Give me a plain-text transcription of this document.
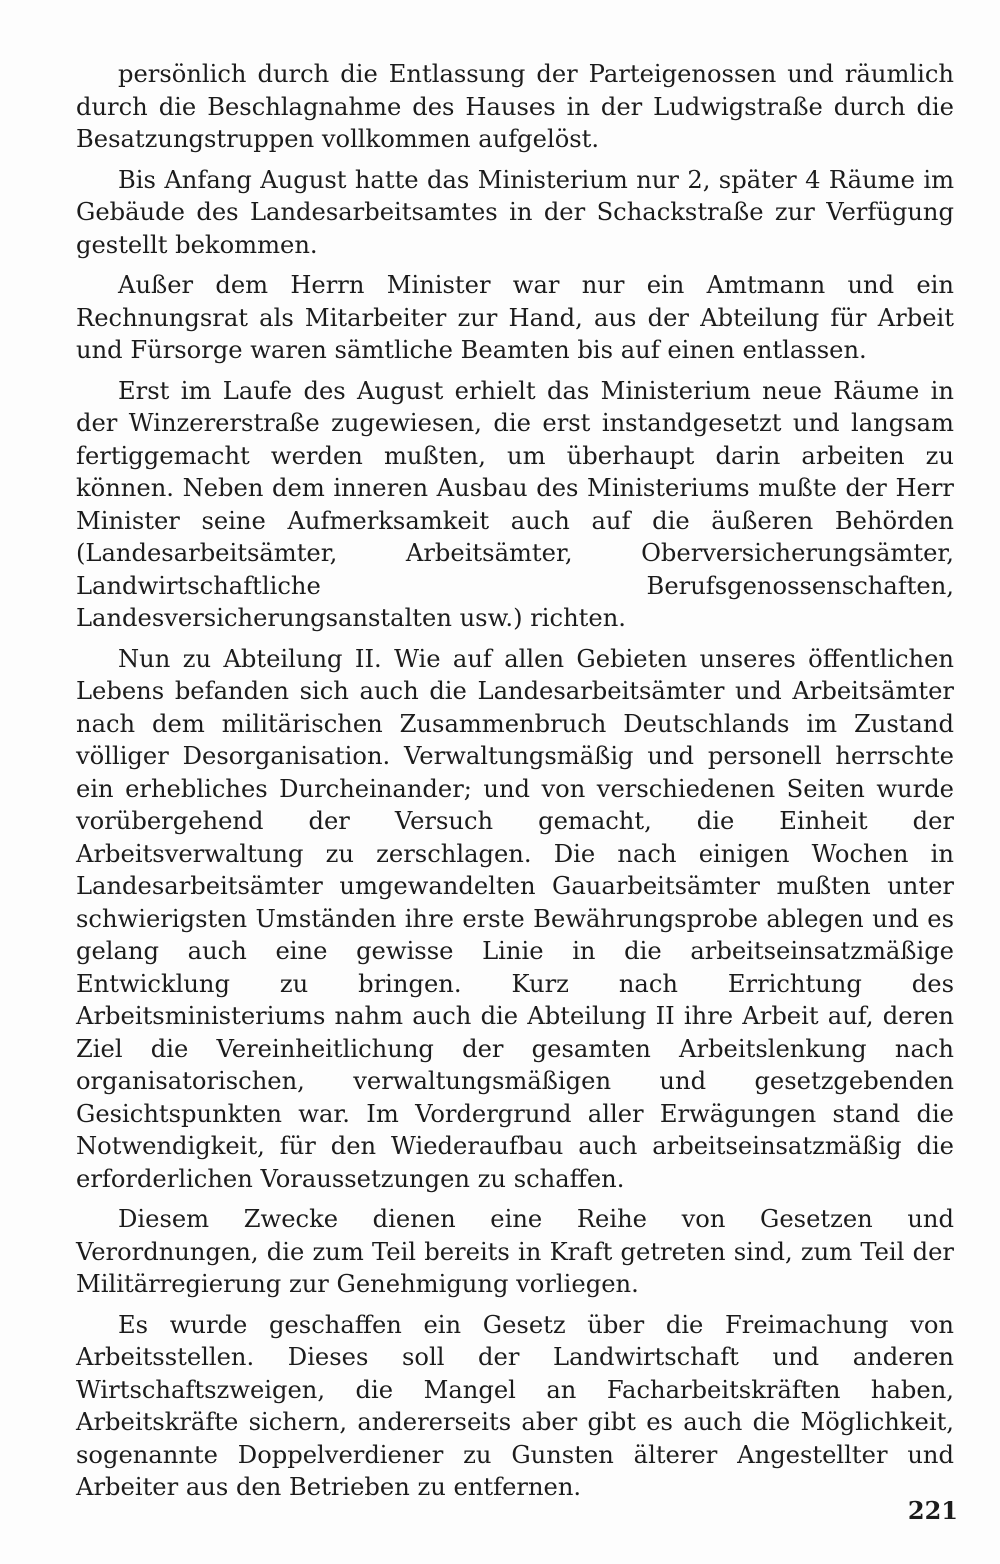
persönlich durch die Entlassung der Parteigenossen und räumlich durch die Beschlagnahme des Hauses in der Ludwigstraße durch die Besatzungstruppen vollkommen aufgelöst.

Bis Anfang August hatte das Ministerium nur 2, später 4 Räume im Gebäude des Landesarbeitsamtes in der Schackstraße zur Verfügung gestellt bekommen.

Außer dem Herrn Minister war nur ein Amtmann und ein Rechnungsrat als Mitarbeiter zur Hand, aus der Abteilung für Arbeit und Fürsorge waren sämtliche Beamten bis auf einen entlassen.

Erst im Laufe des August erhielt das Ministerium neue Räume in der Winzererstraße zugewiesen, die erst instandgesetzt und langsam fertiggemacht werden mußten, um überhaupt darin arbeiten zu können. Neben dem inneren Ausbau des Ministeriums mußte der Herr Minister seine Aufmerksamkeit auch auf die äußeren Behörden (Landesarbeitsämter, Arbeitsämter, Oberversicherungsämter, Landwirtschaftliche Berufsgenossenschaften, Landesversicherungsanstalten usw.) richten.

Nun zu Abteilung II. Wie auf allen Gebieten unseres öffentlichen Lebens befanden sich auch die Landesarbeitsämter und Arbeitsämter nach dem militärischen Zusammenbruch Deutschlands im Zustand völliger Desorganisation. Verwaltungsmäßig und personell herrschte ein erhebliches Durcheinander; und von verschiedenen Seiten wurde vorübergehend der Versuch gemacht, die Einheit der Arbeitsverwaltung zu zerschlagen. Die nach einigen Wochen in Landesarbeitsämter umgewandelten Gauarbeitsämter mußten unter schwierigsten Umständen ihre erste Bewährungsprobe ablegen und es gelang auch eine gewisse Linie in die arbeitseinsatzmäßige Entwicklung zu bringen. Kurz nach Errichtung des Arbeitsministeriums nahm auch die Abteilung II ihre Arbeit auf, deren Ziel die Vereinheitlichung der gesamten Arbeitslenkung nach organisatorischen, verwaltungsmäßigen und gesetzgebenden Gesichtspunkten war. Im Vordergrund aller Erwägungen stand die Notwendigkeit, für den Wiederaufbau auch arbeitseinsatzmäßig die erforderlichen Voraussetzungen zu schaffen.

Diesem Zwecke dienen eine Reihe von Gesetzen und Verordnungen, die zum Teil bereits in Kraft getreten sind, zum Teil der Militärregierung zur Genehmigung vorliegen.

Es wurde geschaffen ein Gesetz über die Freimachung von Arbeitsstellen. Dieses soll der Landwirtschaft und anderen Wirtschaftszweigen, die Mangel an Facharbeitskräften haben, Arbeitskräfte sichern, andererseits aber gibt es auch die Möglichkeit, sogenannte Doppelverdiener zu Gunsten älterer Angestellter und Arbeiter aus den Betrieben zu entfernen.

221
